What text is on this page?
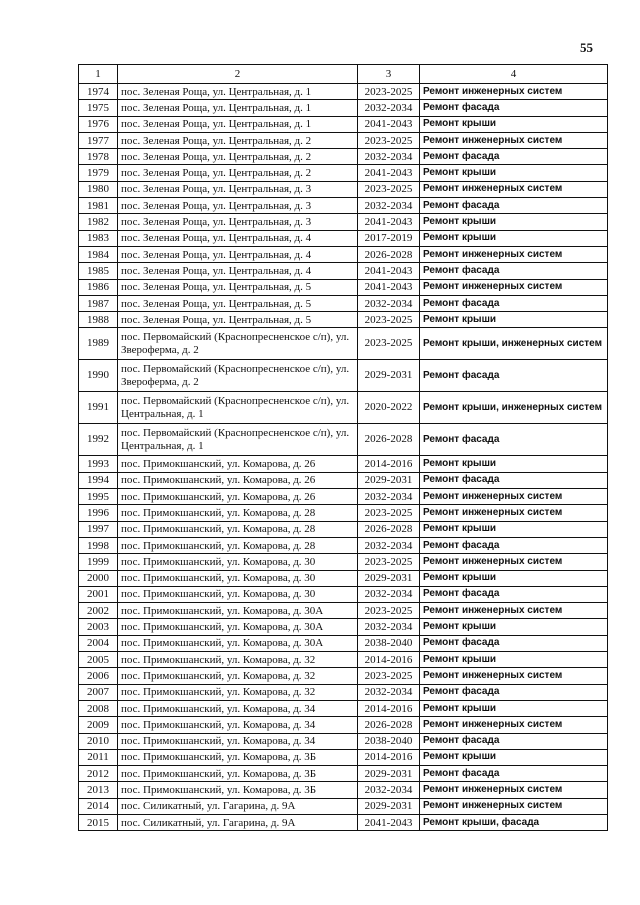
55
1	2	3	4
1974	пос. Зеленая Роща, ул. Центральная, д. 1	2023-2025	Ремонт инженерных систем
1975	пос. Зеленая Роща, ул. Центральная, д. 1	2032-2034	Ремонт фасада
1976	пос. Зеленая Роща, ул. Центральная, д. 1	2041-2043	Ремонт крыши
1977	пос. Зеленая Роща, ул. Центральная, д. 2	2023-2025	Ремонт инженерных систем
1978	пос. Зеленая Роща, ул. Центральная, д. 2	2032-2034	Ремонт фасада
1979	пос. Зеленая Роща, ул. Центральная, д. 2	2041-2043	Ремонт крыши
1980	пос. Зеленая Роща, ул. Центральная, д. 3	2023-2025	Ремонт инженерных систем
1981	пос. Зеленая Роща, ул. Центральная, д. 3	2032-2034	Ремонт фасада
1982	пос. Зеленая Роща, ул. Центральная, д. 3	2041-2043	Ремонт крыши
1983	пос. Зеленая Роща, ул. Центральная, д. 4	2017-2019	Ремонт крыши
1984	пос. Зеленая Роща, ул. Центральная, д. 4	2026-2028	Ремонт инженерных систем
1985	пос. Зеленая Роща, ул. Центральная, д. 4	2041-2043	Ремонт фасада
1986	пос. Зеленая Роща, ул. Центральная, д. 5	2041-2043	Ремонт инженерных систем
1987	пос. Зеленая Роща, ул. Центральная, д. 5	2032-2034	Ремонт фасада
1988	пос. Зеленая Роща, ул. Центральная, д. 5	2023-2025	Ремонт крыши
1989	пос. Первомайский (Краснопресненское с/п), ул. Звероферма, д. 2	2023-2025	Ремонт крыши, инженерных систем
1990	пос. Первомайский (Краснопресненское с/п), ул. Звероферма, д. 2	2029-2031	Ремонт фасада
1991	пос. Первомайский (Краснопресненское с/п), ул. Центральная, д. 1	2020-2022	Ремонт крыши, инженерных систем
1992	пос. Первомайский (Краснопресненское с/п), ул. Центральная, д. 1	2026-2028	Ремонт фасада
1993	пос. Примокшанский, ул. Комарова, д. 26	2014-2016	Ремонт крыши
1994	пос. Примокшанский, ул. Комарова, д. 26	2029-2031	Ремонт фасада
1995	пос. Примокшанский, ул. Комарова, д. 26	2032-2034	Ремонт инженерных систем
1996	пос. Примокшанский, ул. Комарова, д. 28	2023-2025	Ремонт инженерных систем
1997	пос. Примокшанский, ул. Комарова, д. 28	2026-2028	Ремонт крыши
1998	пос. Примокшанский, ул. Комарова, д. 28	2032-2034	Ремонт фасада
1999	пос. Примокшанский, ул. Комарова, д. 30	2023-2025	Ремонт инженерных систем
2000	пос. Примокшанский, ул. Комарова, д. 30	2029-2031	Ремонт крыши
2001	пос. Примокшанский, ул. Комарова, д. 30	2032-2034	Ремонт фасада
2002	пос. Примокшанский, ул. Комарова, д. 30А	2023-2025	Ремонт инженерных систем
2003	пос. Примокшанский, ул. Комарова, д. 30А	2032-2034	Ремонт крыши
2004	пос. Примокшанский, ул. Комарова, д. 30А	2038-2040	Ремонт фасада
2005	пос. Примокшанский, ул. Комарова, д. 32	2014-2016	Ремонт крыши
2006	пос. Примокшанский, ул. Комарова, д. 32	2023-2025	Ремонт инженерных систем
2007	пос. Примокшанский, ул. Комарова, д. 32	2032-2034	Ремонт фасада
2008	пос. Примокшанский, ул. Комарова, д. 34	2014-2016	Ремонт крыши
2009	пос. Примокшанский, ул. Комарова, д. 34	2026-2028	Ремонт инженерных систем
2010	пос. Примокшанский, ул. Комарова, д. 34	2038-2040	Ремонт фасада
2011	пос. Примокшанский, ул. Комарова, д. 3Б	2014-2016	Ремонт крыши
2012	пос. Примокшанский, ул. Комарова, д. 3Б	2029-2031	Ремонт фасада
2013	пос. Примокшанский, ул. Комарова, д. 3Б	2032-2034	Ремонт инженерных систем
2014	пос. Силикатный, ул. Гагарина, д. 9А	2029-2031	Ремонт инженерных систем
2015	пос. Силикатный, ул. Гагарина, д. 9А	2041-2043	Ремонт крыши, фасада
